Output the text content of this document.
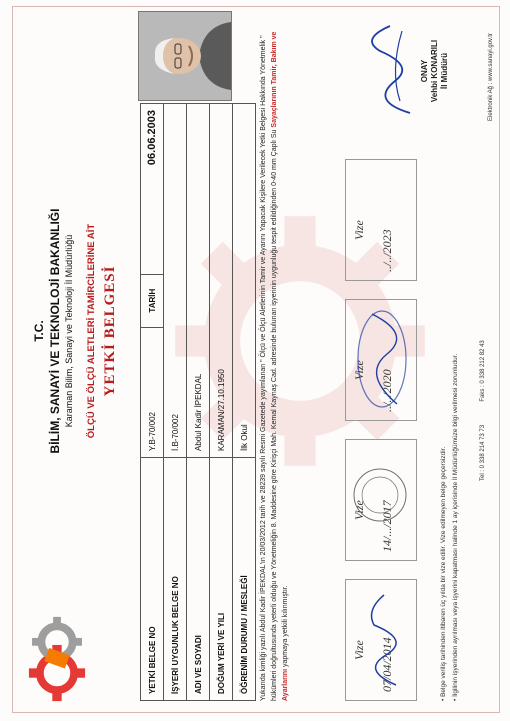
T.C. BİLİM, SANAYİ VE TEKNOLOJİ BAKANLIĞI Karaman Bilim, Sanayi ve Teknoloji İl Müdürlüğü ÖLÇÜ VE ÖLÇÜ ALETLERİ TAMİRCİLERİNE AİT YETKİ BELGESİ
YETKİ BELGE NO	Y.B-70/002	TARİH	06.06.2003
İŞYERİ UYGUNLUK BELGE NO	İ.B-70/002		
ADI VE SOYADI	Abdul Kadir İPEKDAL		
DOĞUM YERİ VE YILI	KARAMAN/27.10.1950		
ÖĞRENİM DURUMU / MESLEĞİ	İlk Okul		Yukarıda kimliği yazılı Abdul Kadir İPEKDAL'ın 20/03/2012 tarih ve 28239 sayılı Resmi Gazetede yayımlanan " Ölçü ve Ölçü Aletlerinin Tamir ve Ayarını Yapacak Kişilere Verilecek Yetki Belgesi Hakkında Yönetmelik " hükümleri doğrultusunda yeterli olduğu ve Yönetmeliğin 8. Maddesine göre Kirişçi Mah. Kemal Kaynaş Cad. adresinde bulunan işyerinin uygunluğu tespit edildiğinden 0-40 mm Çaplı Su Sayaçlarının Tamir, Bakım ve Ayarlarını yapmaya yetkili kılınmıştır.	Vize 07/04/2014
Vize 14/.../2017
Vize ../../2020
Vize ../../2023
• Belge veriliş tarihinden itibaren üç yılda bir vize edilir. Vize edilmeyen belge geçersizdir.
• İlgilinin işyerinden ayrılması veya işyerini kapatması halinde 1 ay içerisinde İl Müdürlüğümüze bilgi verilmesi zorunludur.
ONAY Vehbi KONARILI İl Müdürü
Tel : 0 338 214 73 73              Faks : 0 338 212 82 43
Elektronik Ağ : www.sanayi.gov.tr
